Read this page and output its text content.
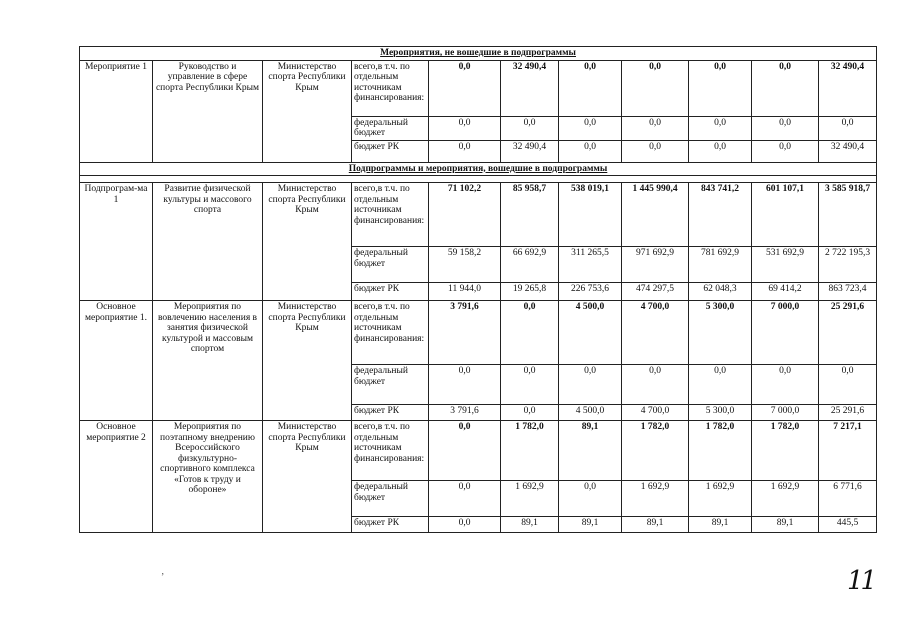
Мероприятия, не вошедшие в подпрограммы										
Мероприятие 1	Руководство и управление в сфере спорта Республики Крым	Министерство спорта Республики Крым	всего,в т.ч. по отдельным источникам финансирования:	0,0	32 490,4	0,0	0,0	0,0	0,0	32 490,4
			федеральный бюджет	0,0	0,0	0,0	0,0	0,0	0,0	0,0
			бюджет РК	0,0	32 490,4	0,0	0,0	0,0	0,0	32 490,4
Подпрограммы и мероприятия, вошедшие в подпрограммы										

Подпрограм-ма 1	Развитие физической культуры и массового спорта	Министерство спорта Республики Крым	всего,в т.ч. по отдельным источникам финансирования:	71 102,2	85 958,7	538 019,1	1 445 990,4	843 741,2	601 107,1	3 585 918,7
			федеральный бюджет	59 158,2	66 692,9	311 265,5	971 692,9	781 692,9	531 692,9	2 722 195,3
			бюджет РК	11 944,0	19 265,8	226 753,6	474 297,5	62 048,3	69 414,2	863 723,4
Основное мероприятие 1.	Мероприятия по вовлечению населения в занятия физической культурой и массовым спортом	Министерство спорта Республики Крым	всего,в т.ч. по отдельным источникам финансирования:	3 791,6	0,0	4 500,0	4 700,0	5 300,0	7 000,0	25 291,6
			федеральный бюджет	0,0	0,0	0,0	0,0	0,0	0,0	0,0
			бюджет РК	3 791,6	0,0	4 500,0	4 700,0	5 300,0	7 000,0	25 291,6
Основное мероприятие 2	Мероприятия по поэтапному внедрению Всероссийского физкультурно-спортивного комплекса «Готов к труду и обороне»	Министерство спорта Республики Крым	всего,в т.ч. по отдельным источникам финансирования:	0,0	1 782,0	89,1	1 782,0	1 782,0	1 782,0	7 217,1
			федеральный бюджет	0,0	1 692,9	0,0	1 692,9	1 692,9	1 692,9	6 771,6
			бюджет РК	0,0	89,1	89,1	89,1	89,1	89,1	445,5
11
‚
